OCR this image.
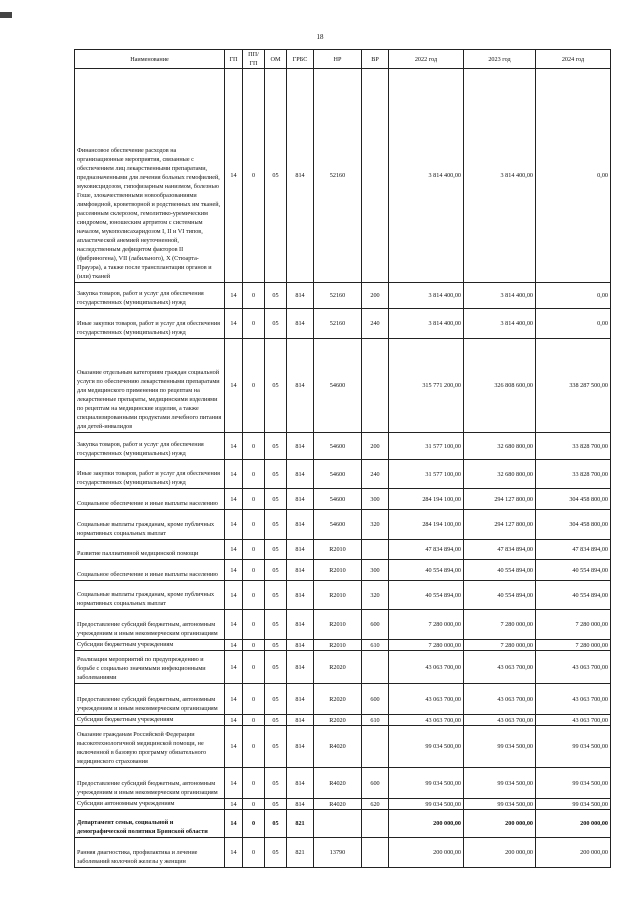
18
Наименование	ГП	ПП/ГП	ОМ	ГРБС	НР	ВР	2022 год	2023 год	2024 год
Финансовое обеспечение расходов на организационные мероприятия, связанные с обеспечением лиц лекарственными препаратами, предназначенными для лечения больных гемофилией, муковисцидозом, гипофизарным нанизмом, болезнью Гоше, злокачественными новообразованиями лимфоидной, кроветворной и родственных им тканей, рассеянным склерозом, гемолитико-уремическим синдромом, юношеским артритом с системным началом, мукополисахаридозом I, II и VI типов, апластической анемией неуточненной, наследственным дефицитом факторов II (фибриногена), VII (лабильного), X (Стюарта-Прауэра), а также после трансплантации органов и (или) тканей	14	0	05	814	52160		3 814 400,00	3 814 400,00	0,00
Закупка товаров, работ и услуг для обеспечения государственных (муниципальных) нужд	14	0	05	814	52160	200	3 814 400,00	3 814 400,00	0,00
Иные закупки товаров, работ и услуг для обеспечения государственных (муниципальных) нужд	14	0	05	814	52160	240	3 814 400,00	3 814 400,00	0,00
Оказание отдельным категориям граждан социальной услуги по обеспечению лекарственными препаратами для медицинского применения по рецептам на лекарственные препараты, медицинскими изделиями по рецептам на медицинские изделия, а также специализированными продуктами лечебного питания для детей-инвалидов	14	0	05	814	54600		315 771 200,00	326 808 600,00	338 287 500,00
Закупка товаров, работ и услуг для обеспечения государственных (муниципальных) нужд	14	0	05	814	54600	200	31 577 100,00	32 680 800,00	33 828 700,00
Иные закупки товаров, работ и услуг для обеспечения государственных (муниципальных) нужд	14	0	05	814	54600	240	31 577 100,00	32 680 800,00	33 828 700,00
Социальное обеспечение и иные выплаты населению	14	0	05	814	54600	300	284 194 100,00	294 127 800,00	304 458 800,00
Социальные выплаты гражданам, кроме публичных нормативных социальных выплат	14	0	05	814	54600	320	284 194 100,00	294 127 800,00	304 458 800,00
Развитие паллиативной медицинской помощи	14	0	05	814	R2010		47 834 894,00	47 834 894,00	47 834 894,00
Социальное обеспечение и иные выплаты населению	14	0	05	814	R2010	300	40 554 894,00	40 554 894,00	40 554 894,00
Социальные выплаты гражданам, кроме публичных нормативных социальных выплат	14	0	05	814	R2010	320	40 554 894,00	40 554 894,00	40 554 894,00
Предоставление субсидий бюджетным, автономным учреждениям и иным некоммерческим организациям	14	0	05	814	R2010	600	7 280 000,00	7 280 000,00	7 280 000,00
Субсидии бюджетным учреждениям	14	0	05	814	R2010	610	7 280 000,00	7 280 000,00	7 280 000,00
Реализация мероприятий по предупреждению и борьбе с социально значимыми инфекционными заболеваниями	14	0	05	814	R2020		43 063 700,00	43 063 700,00	43 063 700,00
Предоставление субсидий бюджетным, автономным учреждениям и иным некоммерческим организациям	14	0	05	814	R2020	600	43 063 700,00	43 063 700,00	43 063 700,00
Субсидии бюджетным учреждениям	14	0	05	814	R2020	610	43 063 700,00	43 063 700,00	43 063 700,00
Оказание гражданам Российской Федерации высокотехнологичной медицинской помощи, не включенной в базовую программу обязательного медицинского страхования	14	0	05	814	R4020		99 034 500,00	99 034 500,00	99 034 500,00
Предоставление субсидий бюджетным, автономным учреждениям и иным некоммерческим организациям	14	0	05	814	R4020	600	99 034 500,00	99 034 500,00	99 034 500,00
Субсидии автономным учреждениям	14	0	05	814	R4020	620	99 034 500,00	99 034 500,00	99 034 500,00
Департамент семьи, социальной и демографической политики Брянской области	14	0	05	821			200 000,00	200 000,00	200 000,00
Ранняя диагностика, профилактика и лечение заболеваний молочной железы у женщин	14	0	05	821	13790		200 000,00	200 000,00	200 000,00
